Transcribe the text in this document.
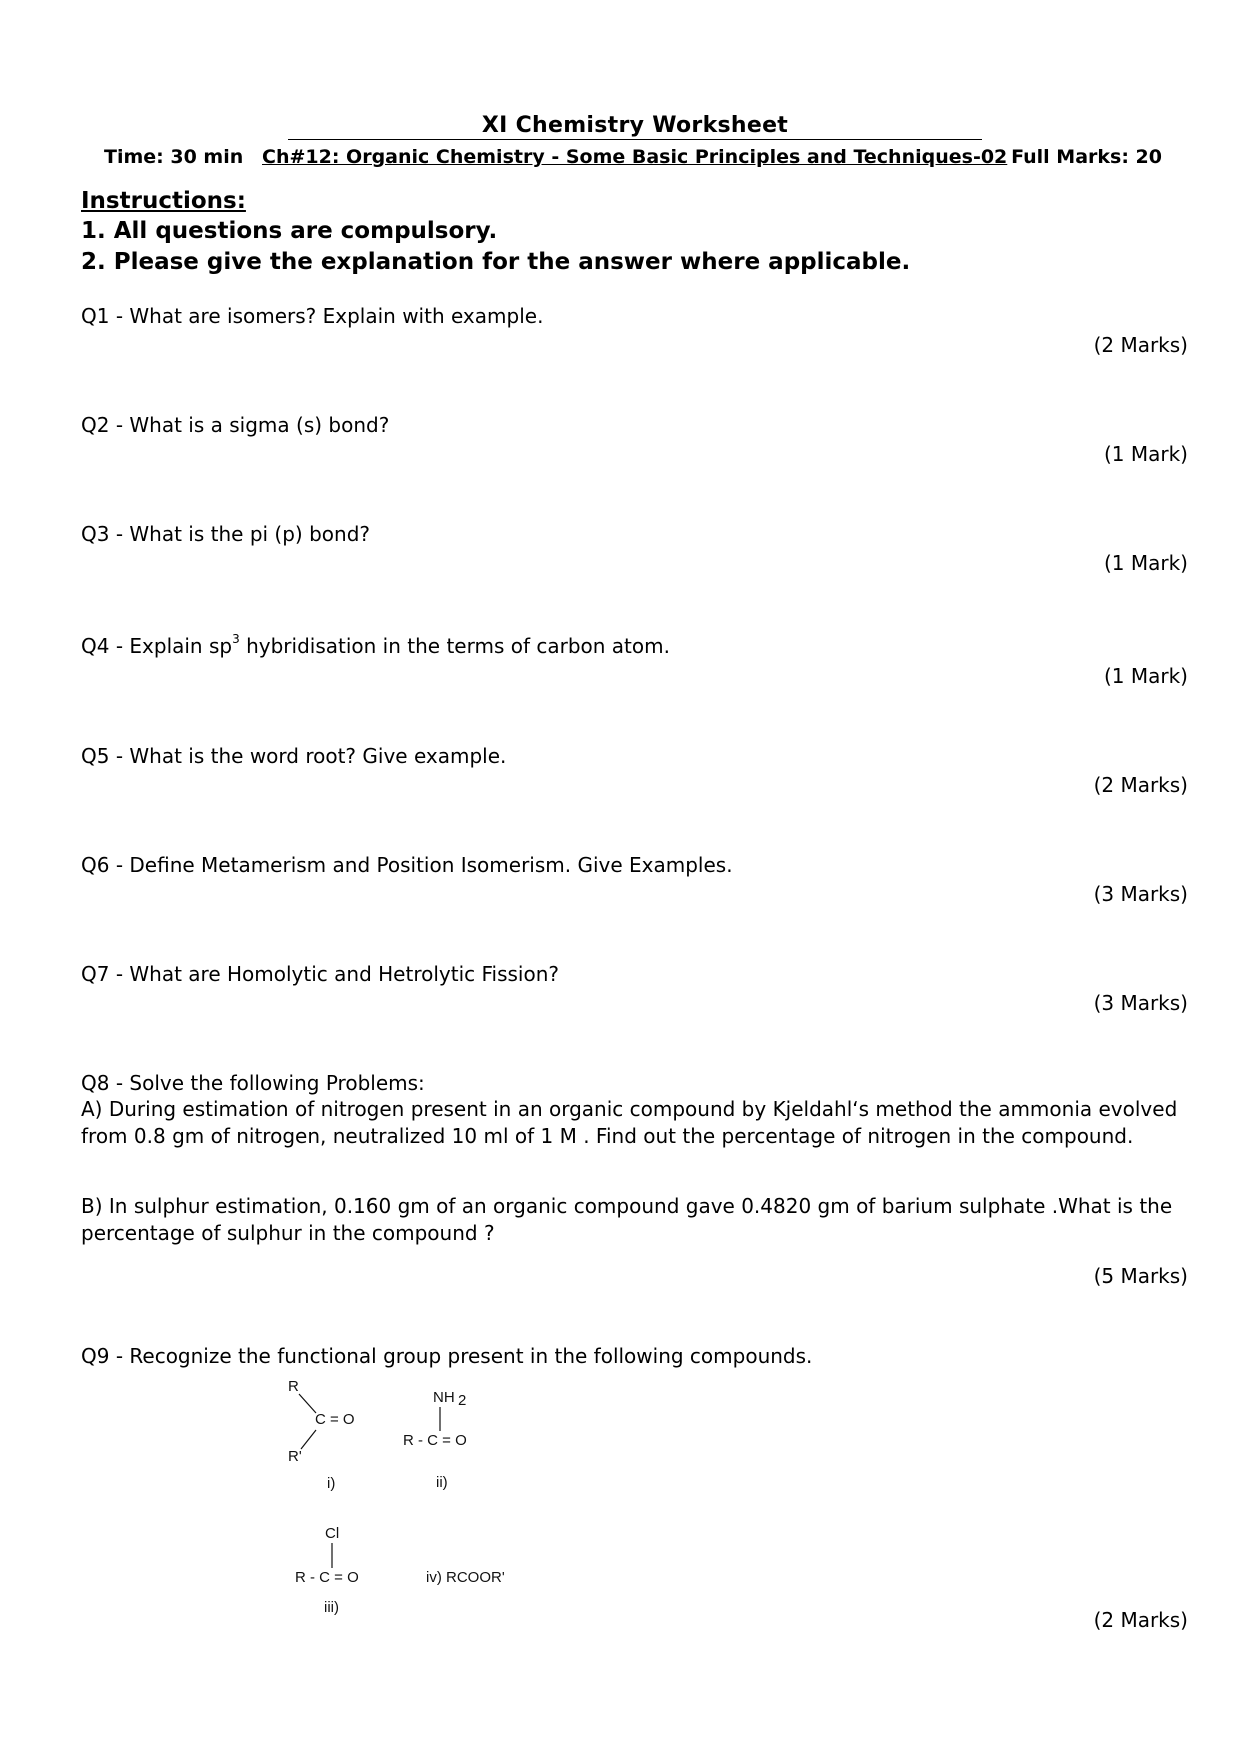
XI Chemistry Worksheet
Time: 30 min Ch#12: Organic Chemistry - Some Basic Principles and Techniques-02 Full Marks: 20
Instructions:
1. All questions are compulsory.
2. Please give the explanation for the answer where applicable.
Q1 - What are isomers? Explain with example.
(2 Marks)
Q2 - What is a sigma (s) bond?
(1 Mark)
Q3 - What is the pi (p) bond?
(1 Mark)
Q4 - Explain $sp^3$ hybridisation in the terms of carbon atom.
(1 Mark)
Q5 - What is the word root? Give example.
(2 Marks)
Q6 - Define Metamerism and Position Isomerism. Give Examples.
(3 Marks)
Q7 - What are Homolytic and Hetrolytic Fission?
(3 Marks)
Q8 - Solve the following Problems:
A) During estimation of nitrogen present in an organic compound by Kjeldahl‘s method the ammonia evolved from 0.8 gm of nitrogen, neutralized 10 ml of 1 M . Find out the percentage of nitrogen in the compound.
B) In sulphur estimation, 0.160 gm of an organic compound gave 0.4820 gm of barium sulphate .What is the percentage of sulphur in the compound ?
(5 Marks)
Q9 - Recognize the functional group present in the following compounds.
R
C = O
R'
i)
NH 2
R - C = O
ii)
Cl
R - C = O
iii)
iv) RCOOR'
(2 Marks)
